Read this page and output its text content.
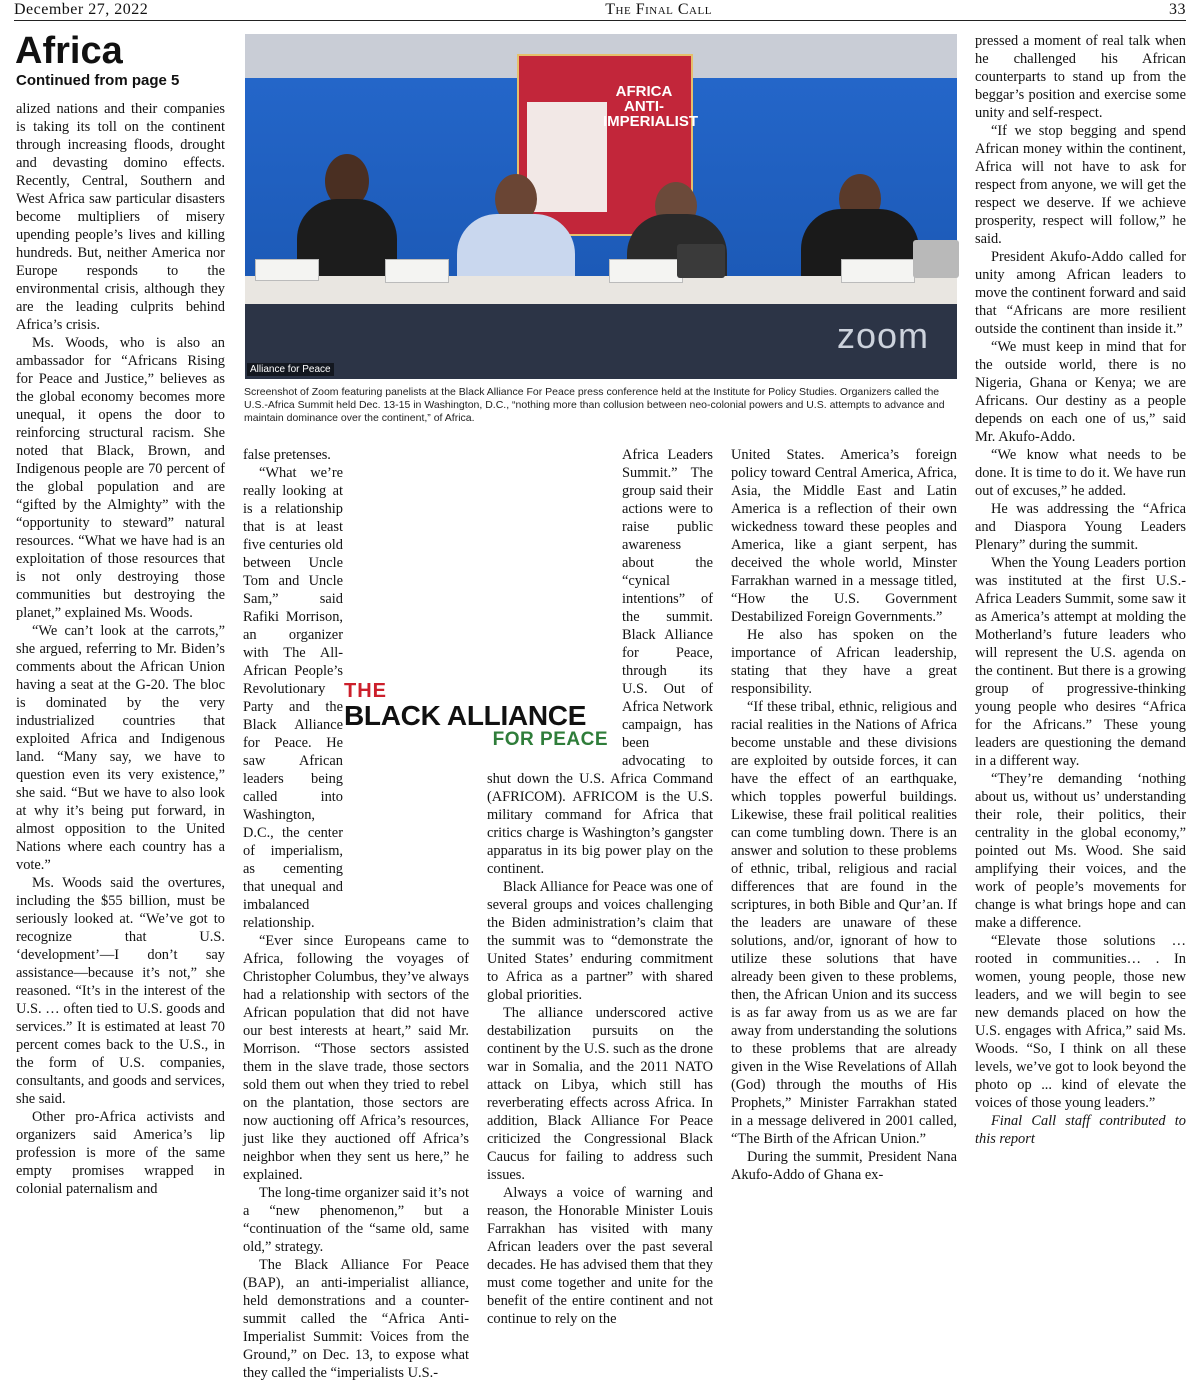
December 27, 2022	The Final Call	33
Africa
Continued from page 5
AFRICA ANTI- IMPERIALIST
zoom
Alliance for Peace
Screenshot of Zoom featuring panelists at the Black Alliance For Peace press conference held at the Institute for Policy Studies. Organizers called the U.S.-Africa Summit held Dec. 13-15 in Washington, D.C., “nothing more than collusion between neo-colonial powers and U.S. attempts to advance and maintain dominance over the continent,” of Africa.

alized nations and their companies is taking its toll on the continent through increasing floods, drought and devasting domino effects. Recently, Central, Southern and West Africa saw particular disasters become multipliers of misery upending people’s lives and killing hundreds. But, neither America nor Europe responds to the environmental crisis, although they are the leading culprits behind Africa’s crisis.

Ms. Woods, who is also an ambassador for “Africans Rising for Peace and Justice,” believes as the global economy becomes more unequal, it opens the door to reinforcing structural racism. She noted that Black, Brown, and Indigenous people are 70 percent of the global population and are “gifted by the Almighty” with the “opportunity to steward” natural resources. “What we have had is an exploitation of those resources that is not only destroying those communities but destroying the planet,” explained Ms. Woods.

“We can’t look at the carrots,” she argued, referring to Mr. Biden’s comments about the African Union having a seat at the G-20. The bloc is dominated by the very industrialized countries that exploited Africa and Indigenous land. “Many say, we have to question even its very existence,” she said. “But we have to also look at why it’s being put forward, in almost opposition to the United Nations where each country has a vote.”

Ms. Woods said the overtures, including the $55 billion, must be seriously looked at. “We’ve got to recognize that U.S. ‘development’—I don’t say assistance—because it’s not,” she reasoned. “It’s in the interest of the U.S. … often tied to U.S. goods and services.” It is estimated at least 70 percent comes back to the U.S., in the form of U.S. companies, consultants, and goods and services, she said.

Other pro-Africa activists and organizers said America’s lip profession is more of the same empty promises wrapped in colonial paternalism and

false pretenses.

“What we’re really looking at is a relationship that is at least five centuries old between Uncle Tom and Uncle Sam,” said Rafiki Morrison, an organizer with The All-African People’s Revolutionary Party and the Black Alliance for Peace. He saw African leaders being called into Washington, D.C., the center of imperialism, as cementing that unequal and imbalanced relationship.

“Ever since Europeans came to Africa, following the voyages of Christopher Columbus, they’ve always had a relationship with sectors of the African population that did not have our best interests at heart,” said Mr. Morrison. “Those sectors assisted them in the slave trade, those sectors sold them out when they tried to rebel on the plantation, those sectors are now auctioning off Africa’s resources, just like they auctioned off Africa’s neighbor when they sent us here,” he explained.

The long-time organizer said it’s not a “new phenomenon,” but a “continuation of the “same old, same old,” strategy.

The Black Alliance For Peace (BAP), an anti-imperialist alliance, held demonstrations and a counter-summit called the “Africa Anti-Imperialist Summit: Voices from the Ground,” on Dec. 13, to expose what they called the “imperialists U.S.-

Africa Leaders Summit.” The group said their actions were to raise public awareness about the “cynical intentions” of the summit. Black Alliance for Peace, through its U.S. Out of Africa Network campaign, has been advocating to shut down the U.S. Africa Command (AFRICOM). AFRICOM is the U.S. military command for Africa that critics charge is Washington’s gangster apparatus in its big power play on the continent.

Black Alliance for Peace was one of several groups and voices challenging the Biden administration’s claim that the summit was to “demonstrate the United States’ enduring commitment to Africa as a partner” with shared global priorities.

The alliance underscored active destabilization pursuits on the continent by the U.S. such as the drone war in Somalia, and the 2011 NATO attack on Libya, which still has reverberating effects across Africa. In addition, Black Alliance For Peace criticized the Congressional Black Caucus for failing to address such issues.

Always a voice of warning and reason, the Honorable Minister Louis Farrakhan has visited with many African leaders over the past several decades. He has advised them that they must come together and unite for the benefit of the entire continent and not continue to rely on the

United States. America’s foreign policy toward Central America, Africa, Asia, the Middle East and Latin America is a reflection of their own wickedness toward these peoples and America, like a giant serpent, has deceived the whole world, Minster Farrakhan warned in a message titled, “How the U.S. Government Destabilized Foreign Governments.”

He also has spoken on the importance of African leadership, stating that they have a great responsibility.

“If these tribal, ethnic, religious and racial realities in the Nations of Africa become unstable and these divisions are exploited by outside forces, it can have the effect of an earthquake, which topples powerful buildings. Likewise, these frail political realities can come tumbling down. There is an answer and solution to these problems of ethnic, tribal, religious and racial differences that are found in the scriptures, in both Bible and Qur’an. If the leaders are unaware of these solutions, and/or, ignorant of how to utilize these solutions that have already been given to these problems, then, the African Union and its success is as far away from us as we are far away from understanding the solutions to these problems that are already given in the Wise Revelations of Allah (God) through the mouths of His Prophets,” Minister Farrakhan stated in a message delivered in 2001 called, “The Birth of the African Union.”

During the summit, President Nana Akufo-Addo of Ghana ex-

pressed a moment of real talk when he challenged his African counterparts to stand up from the beggar’s position and exercise some unity and self-respect.

“If we stop begging and spend African money within the continent, Africa will not have to ask for respect from anyone, we will get the respect we deserve. If we achieve prosperity, respect will follow,” he said.

President Akufo-Addo called for unity among African leaders to move the continent forward and said that “Africans are more resilient outside the continent than inside it.”

“We must keep in mind that for the outside world, there is no Nigeria, Ghana or Kenya; we are Africans. Our destiny as a people depends on each one of us,” said Mr. Akufo-Addo.

“We know what needs to be done. It is time to do it. We have run out of excuses,” he added.

He was addressing the “Africa and Diaspora Young Leaders Plenary” during the summit.

When the Young Leaders portion was instituted at the first U.S.-Africa Leaders Summit, some saw it as America’s attempt at molding the Motherland’s future leaders who will represent the U.S. agenda on the continent. But there is a growing group of progressive-thinking young people who desires “Africa for the Africans.” These young leaders are questioning the demand in a different way.

“They’re demanding ‘nothing about us, without us’ understanding their role, their politics, their centrality in the global economy,” pointed out Ms. Wood. She said amplifying their voices, and the work of people’s movements for change is what brings hope and can make a difference.

“Elevate those solutions … rooted in communities… . In women, young people, those new leaders, and we will begin to see new demands placed on how the U.S. engages with Africa,” said Ms. Woods. “So, I think on all these levels, we’ve got to look beyond the photo op ... kind of elevate the voices of those young leaders.”

Final Call staff contributed to this report

THE
BLACK ALLIANCE
FOR PEACE
